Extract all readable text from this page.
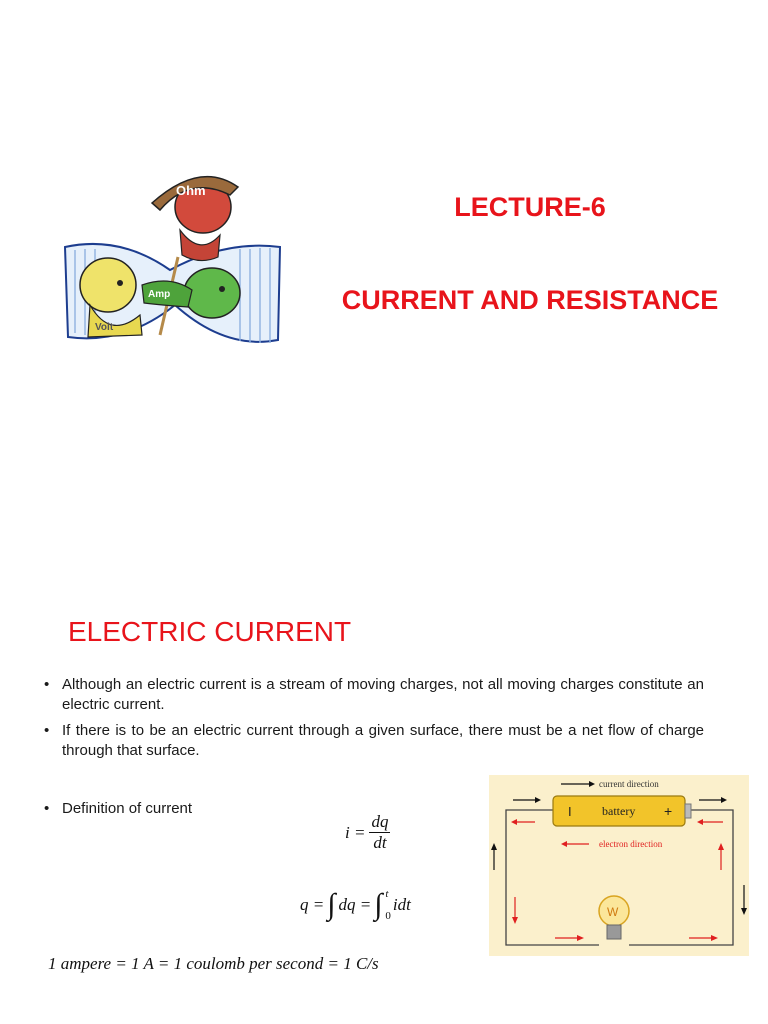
Ohm
Volt
Amp
LECTURE-6
CURRENT AND RESISTANCE
ELECTRIC CURRENT
• Although an electric current is a stream of moving charges, not all moving charges constitute an electric current.
• If there is to be an electric current through a given surface, there must be a net flow of charge through that surface.
• Definition of current
$i = \frac{dq}{dt}$
q = ∫ dq = ∫ t
0
idt
1 ampere = 1 A = 1 coulomb per second = 1 C/s
I	battery +
current direction
electron direction
W
